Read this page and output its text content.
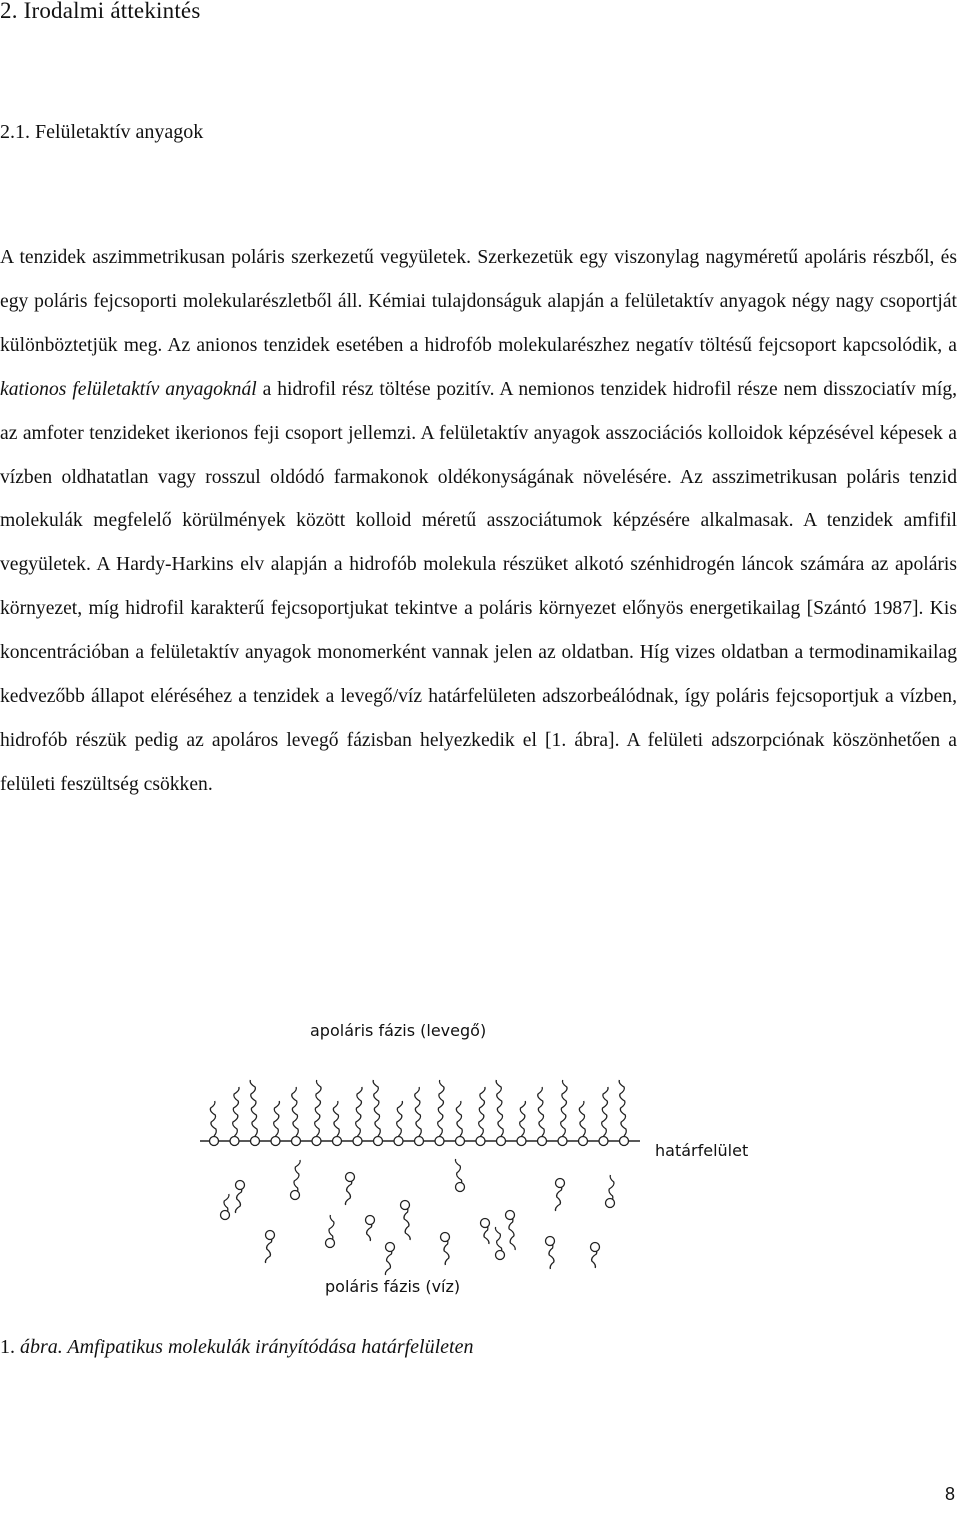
2. Irodalmi áttekintés
2.1. Felületaktív anyagok

A tenzidek aszimmetrikusan poláris szerkezetű vegyületek. Szerkezetük egy viszonylag nagyméretű apoláris részből, és egy poláris fejcsoporti molekularészletből áll. Kémiai tulajdonságuk alapján a felületaktív anyagok négy nagy csoportját különböztetjük meg. Az anionos tenzidek esetében a hidrofób molekularészhez negatív töltésű fejcsoport kapcsolódik, a kationos felületaktív anyagoknál a hidrofil rész töltése pozitív. A nemionos tenzidek hidrofil része nem disszociatív míg, az amfoter tenzideket ikerionos feji csoport jellemzi. A felületaktív anyagok asszociációs kolloidok képzésével képesek a vízben oldhatatlan vagy rosszul oldódó farmakonok oldékonyságának növelésére. Az asszimetrikusan poláris tenzid molekulák megfelelő körülmények között kolloid méretű asszociátumok képzésére alkalmasak. A tenzidek amfifil vegyületek. A Hardy-Harkins elv alapján a hidrofób molekula részüket alkotó szénhidrogén láncok számára az apoláris környezet, míg hidrofil karakterű fejcsoportjukat tekintve a poláris környezet előnyös energetikailag [Szántó 1987]. Kis koncentrációban a felületaktív anyagok monomerként vannak jelen az oldatban. Híg vizes oldatban a termodinamikailag kedvezőbb állapot eléréséhez a tenzidek a levegő/víz határfelületen adszorbeálódnak, így poláris fejcsoportjuk a vízben, hidrofób részük pedig az apoláros levegő fázisban helyezkedik el [1. ábra]. A felületi adszorpciónak köszönhetően a felületi feszültség csökken.

apoláris fázis (levegő)
határfelület
poláris fázis (víz)
1. ábra. Amfipatikus molekulák irányítódása határfelületen
8
